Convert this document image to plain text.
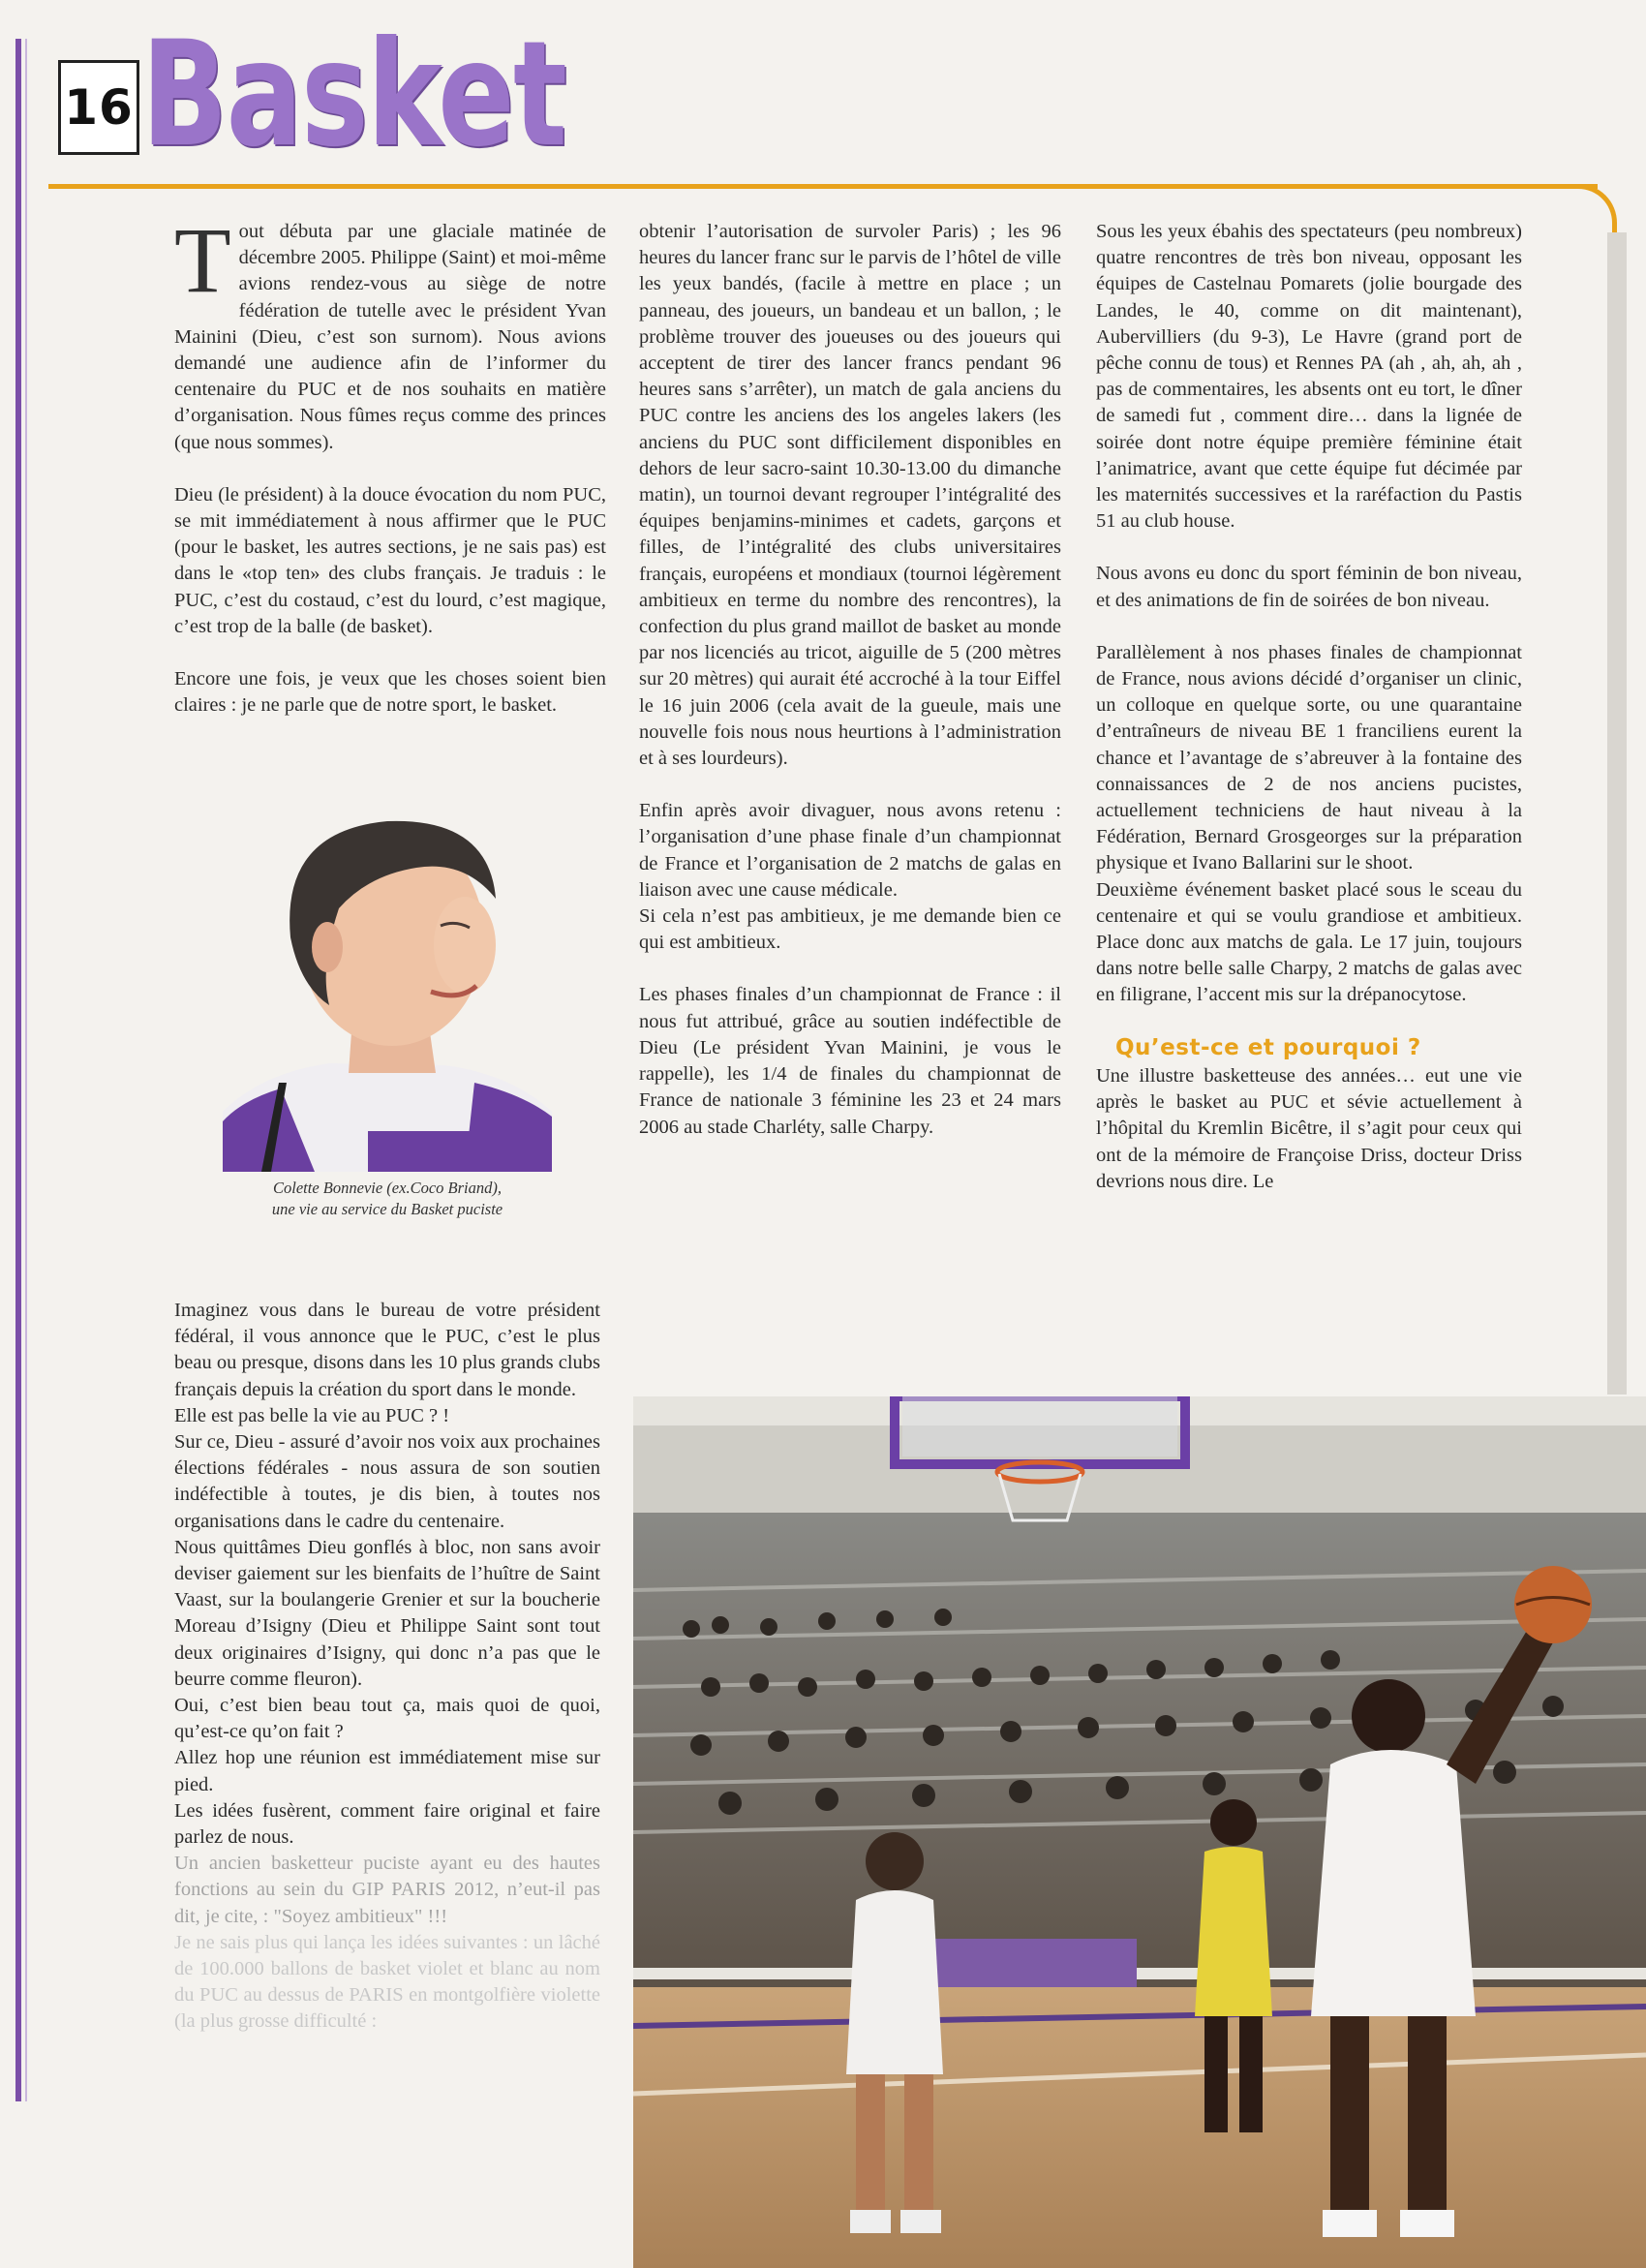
16 Basket

Tout débuta par une glaciale matinée de décembre 2005. Philippe (Saint) et moi-même avions rendez-vous au siège de notre fédération de tutelle avec le président Yvan Mainini (Dieu, c’est son surnom). Nous avions demandé une audience afin de l’informer du centenaire du PUC et de nos souhaits en matière d’organisation. Nous fûmes reçus comme des princes (que nous sommes).

Dieu (le président) à la douce évocation du nom PUC, se mit immédiatement à nous affirmer que le PUC (pour le basket, les autres sections, je ne sais pas) est dans le «top ten» des clubs français. Je traduis : le PUC, c’est du costaud, c’est du lourd, c’est magique, c’est trop de la balle (de basket).

Encore une fois, je veux que les choses soient bien claires : je ne parle que de notre sport, le basket.

Colette Bonnevie (ex.Coco Briand),
une vie au service du Basket puciste

Imaginez vous dans le bureau de votre président fédéral, il vous annonce que le PUC, c’est le plus beau ou presque, disons dans les 10 plus grands clubs français depuis la création du sport dans le monde.

Elle est pas belle la vie au PUC ? !

Sur ce, Dieu - assuré d’avoir nos voix aux prochaines élections fédérales - nous assura de son soutien indéfectible à toutes, je dis bien, à toutes nos organisations dans le cadre du centenaire.

Nous quittâmes Dieu gonflés à bloc, non sans avoir deviser gaiement sur les bienfaits de l’huître de Saint Vaast, sur la boulangerie Grenier et sur la boucherie Moreau d’Isigny (Dieu et Philippe Saint sont tout deux originaires d’Isigny, qui donc n’a pas que le beurre comme fleuron).

Oui, c’est bien beau tout ça, mais quoi de quoi, qu’est-ce qu’on fait ?

Allez hop une réunion est immédiatement mise sur pied.

Les idées fusèrent, comment faire original et faire parlez de nous.

Un ancien basketteur puciste ayant eu des hautes fonctions au sein du GIP PARIS 2012, n’eut-il pas dit, je cite, : "Soyez ambitieux" !!!

Je ne sais plus qui lança les idées suivantes : un lâché de 100.000 ballons de basket violet et blanc au nom du PUC au dessus de PARIS en montgolfière violette (la plus grosse difficulté :

obtenir l’autorisation de survoler Paris) ; les 96 heures du lancer franc sur le parvis de l’hôtel de ville les yeux bandés, (facile à mettre en place ; un panneau, des joueurs, un bandeau et un ballon, ; le problème trouver des joueuses ou des joueurs qui acceptent de tirer des lancer francs pendant 96 heures sans s’arrêter), un match de gala anciens du PUC contre les anciens des los angeles lakers (les anciens du PUC sont difficilement disponibles en dehors de leur sacro-saint 10.30-13.00 du dimanche matin), un tournoi devant regrouper l’intégralité des équipes benjamins-minimes et cadets, garçons et filles, de l’intégralité des clubs universitaires français, européens et mondiaux (tournoi légèrement ambitieux en terme du nombre des rencontres), la confection du plus grand maillot de basket au monde par nos licenciés au tricot, aiguille de 5 (200 mètres sur 20 mètres) qui aurait été accroché à la tour Eiffel le 16 juin 2006 (cela avait de la gueule, mais une nouvelle fois nous nous heurtions à l’administration et à ses lourdeurs).

Enfin après avoir divaguer, nous avons retenu : l’organisation d’une phase finale d’un championnat de France et l’organisation de 2 matchs de galas en liaison avec une cause médicale.

Si cela n’est pas ambitieux, je me demande bien ce qui est ambitieux.

Les phases finales d’un championnat de France : il nous fut attribué, grâce au soutien indéfectible de Dieu (Le président Yvan Mainini, je vous le rappelle), les 1/4 de finales du championnat de France de nationale 3 féminine les 23 et 24 mars 2006 au stade Charléty, salle Charpy.

Sous les yeux ébahis des spectateurs (peu nombreux) quatre rencontres de très bon niveau, opposant les équipes de Castelnau Pomarets (jolie bourgade des Landes, le 40, comme on dit maintenant), Aubervilliers (du 9-3), Le Havre (grand port de pêche connu de tous) et Rennes PA (ah , ah, ah, ah , pas de commentaires, les absents ont eu tort, le dîner de samedi fut , comment dire… dans la lignée de soirée dont notre équipe première féminine était l’animatrice, avant que cette équipe fut décimée par les maternités successives et la raréfaction du Pastis 51 au club house.

Nous avons eu donc du sport féminin de bon niveau, et des animations de fin de soirées de bon niveau.

Parallèlement à nos phases finales de championnat de France, nous avions décidé d’organiser un clinic, un colloque en quelque sorte, ou une quarantaine d’entraîneurs de niveau BE 1 franciliens eurent la chance et l’avantage de s’abreuver à la fontaine des connaissances de 2 de nos anciens pucistes, actuellement techniciens de haut niveau à la Fédération, Bernard Grosgeorges sur la préparation physique et Ivano Ballarini sur le shoot.

Deuxième événement basket placé sous le sceau du centenaire et qui se voulu grandiose et ambitieux. Place donc aux matchs de gala. Le 17 juin, toujours dans notre belle salle Charpy, 2 matchs de galas avec en filigrane, l’accent mis sur la drépanocytose.

Qu’est-ce et pourquoi ?

Une illustre basketteuse des années… eut une vie après le basket au PUC et sévie actuellement à l’hôpital du Kremlin Bicêtre, il s’agit pour ceux qui ont de la mémoire de Françoise Driss, docteur Driss devrions nous dire. Le
